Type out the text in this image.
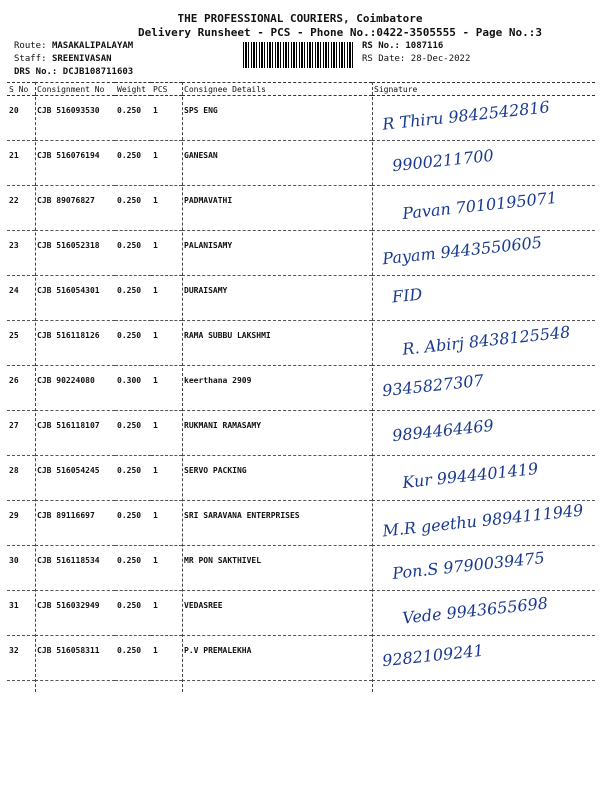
THE PROFESSIONAL COURIERS, Coimbatore
Delivery Runsheet - PCS - Phone No.:0422-3505555 - Page No.:3
Route: MASAKALIPALAYAM
Staff: SREENIVASAN
DRS No.: DCJB108711603
RS No.: 1087116
RS Date: 28-Dec-2022
S No	Consignment No	Weight	PCS	Consignee Details	Signature
20	CJB 516093530	0.250	1	SPS ENG	R Thiru 9842542816

21	CJB 516076194	0.250	1	GANESAN	9900211700

22	CJB 89076827	0.250	1	PADMAVATHI	Pavan 7010195071

23	CJB 516052318	0.250	1	PALANISAMY	Payam 9443550605

24	CJB 516054301	0.250	1	DURAISAMY	FID

25	CJB 516118126	0.250	1	RAMA SUBBU LAKSHMI	R. Abirj 8438125548

26	CJB 90224080	0.300	1	keerthana 2909	9345827307

27	CJB 516118107	0.250	1	RUKMANI RAMASAMY	9894464469

28	CJB 516054245	0.250	1	SERVO PACKING	Kur 9944401419

29	CJB 89116697	0.250	1	SRI SARAVANA ENTERPRISES	M.R geethu 9894111949

30	CJB 516118534	0.250	1	MR PON SAKTHIVEL	Pon.S 9790039475

31	CJB 516032949	0.250	1	VEDASREE	Vede 9943655698

32	CJB 516058311	0.250	1	P.V PREMALEKHA	9282109241
